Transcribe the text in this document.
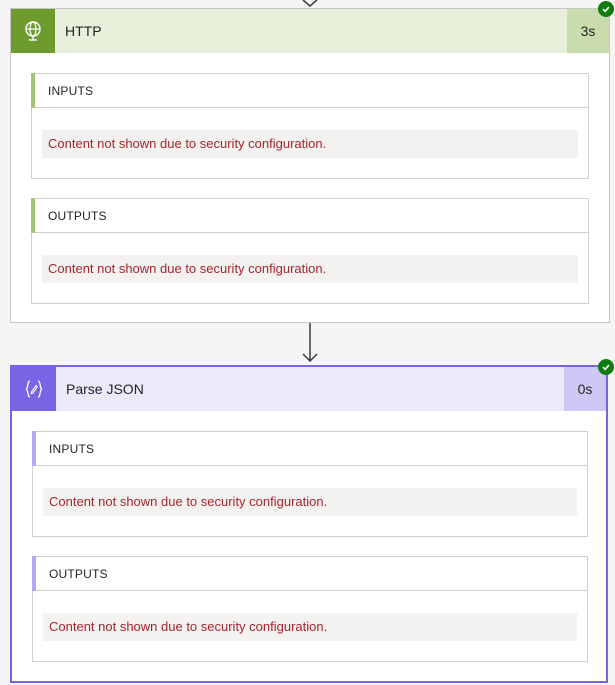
HTTP	3s
INPUTS
Content not shown due to security configuration.
OUTPUTS
Content not shown due to security configuration.
Parse JSON	0s
INPUTS
Content not shown due to security configuration.
OUTPUTS
Content not shown due to security configuration.
